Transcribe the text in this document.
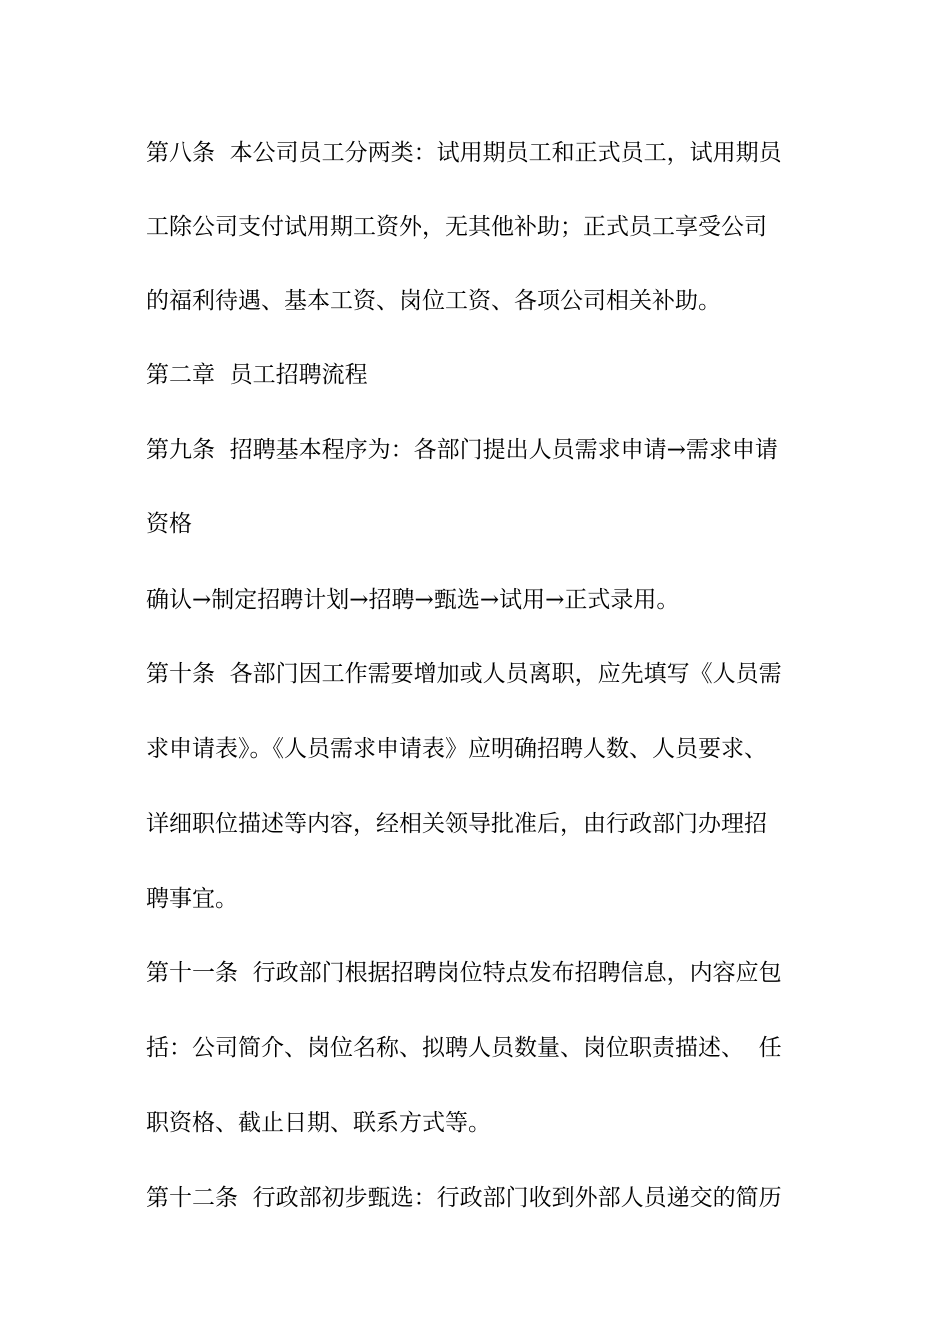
第八条  本公司员工分两类：试用期员工和正式员工，试用期员
工除公司支付试用期工资外，无其他补助；正式员工享受公司
的福利待遇、基本工资、岗位工资、各项公司相关补助。
第二章  员工招聘流程
第九条  招聘基本程序为：各部门提出人员需求申请→需求申请
资格
确认→制定招聘计划→招聘→甄选→试用→正式录用。
第十条  各部门因工作需要增加或人员离职，应先填写《人员需
求申请表》。《人员需求申请表》应明确招聘人数、人员要求、
详细职位描述等内容，经相关领导批准后，由行政部门办理招
聘事宜。
第十一条  行政部门根据招聘岗位特点发布招聘信息，内容应包
括：公司简介、岗位名称、拟聘人员数量、岗位职责描述、  任
职资格、截止日期、联系方式等。
第十二条  行政部初步甄选：行政部门收到外部人员递交的简历
